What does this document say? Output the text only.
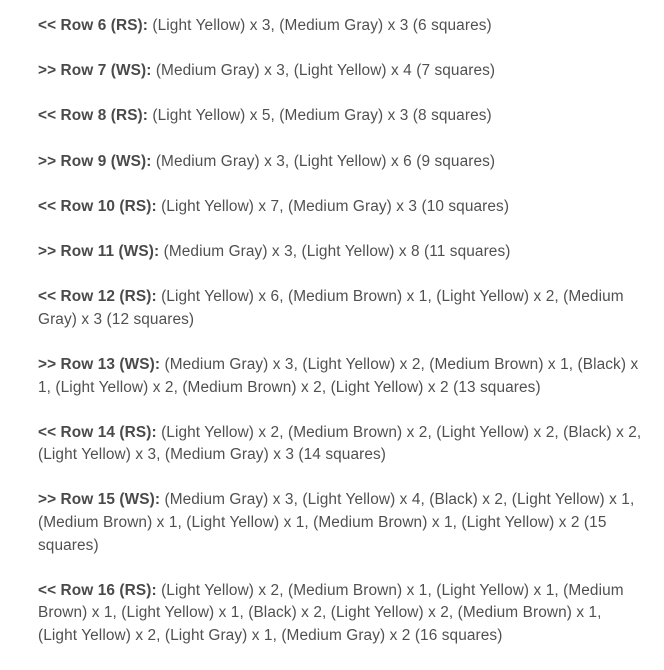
<< Row 6 (RS): (Light Yellow) x 3, (Medium Gray) x 3 (6 squares)

>> Row 7 (WS): (Medium Gray) x 3, (Light Yellow) x 4 (7 squares)

<< Row 8 (RS): (Light Yellow) x 5, (Medium Gray) x 3 (8 squares)

>> Row 9 (WS): (Medium Gray) x 3, (Light Yellow) x 6 (9 squares)

<< Row 10 (RS): (Light Yellow) x 7, (Medium Gray) x 3 (10 squares)

>> Row 11 (WS): (Medium Gray) x 3, (Light Yellow) x 8 (11 squares)

<< Row 12 (RS): (Light Yellow) x 6, (Medium Brown) x 1, (Light Yellow) x 2, (Medium Gray) x 3 (12 squares)

>> Row 13 (WS): (Medium Gray) x 3, (Light Yellow) x 2, (Medium Brown) x 1, (Black) x 1, (Light Yellow) x 2, (Medium Brown) x 2, (Light Yellow) x 2 (13 squares)

<< Row 14 (RS): (Light Yellow) x 2, (Medium Brown) x 2, (Light Yellow) x 2, (Black) x 2, (Light Yellow) x 3, (Medium Gray) x 3 (14 squares)

>> Row 15 (WS): (Medium Gray) x 3, (Light Yellow) x 4, (Black) x 2, (Light Yellow) x 1, (Medium Brown) x 1, (Light Yellow) x 1, (Medium Brown) x 1, (Light Yellow) x 2 (15 squares)

<< Row 16 (RS): (Light Yellow) x 2, (Medium Brown) x 1, (Light Yellow) x 1, (Medium Brown) x 1, (Light Yellow) x 1, (Black) x 2, (Light Yellow) x 2, (Medium Brown) x 1, (Light Yellow) x 2, (Light Gray) x 1, (Medium Gray) x 2 (16 squares)
